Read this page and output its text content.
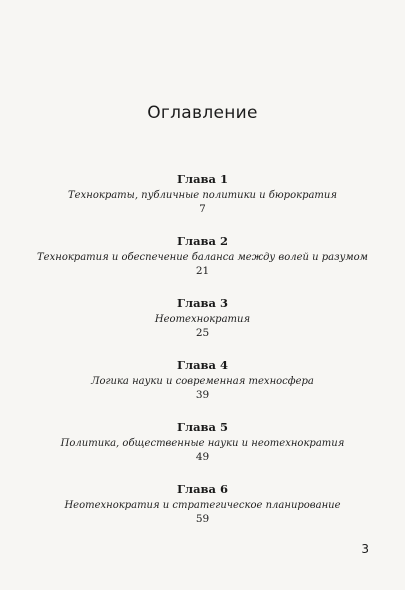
Оглавление
Глава 1
Технократы, публичные политики и бюрократия
7
Глава 2
Технократия и обеспечение баланса между волей и разумом
21
Глава 3
Неотехнократия
25
Глава 4
Логика науки и современная техносфера
39
Глава 5
Политика, общественные науки и неотехнократия
49
Глава 6
Неотехнократия и стратегическое планирование
59
3
